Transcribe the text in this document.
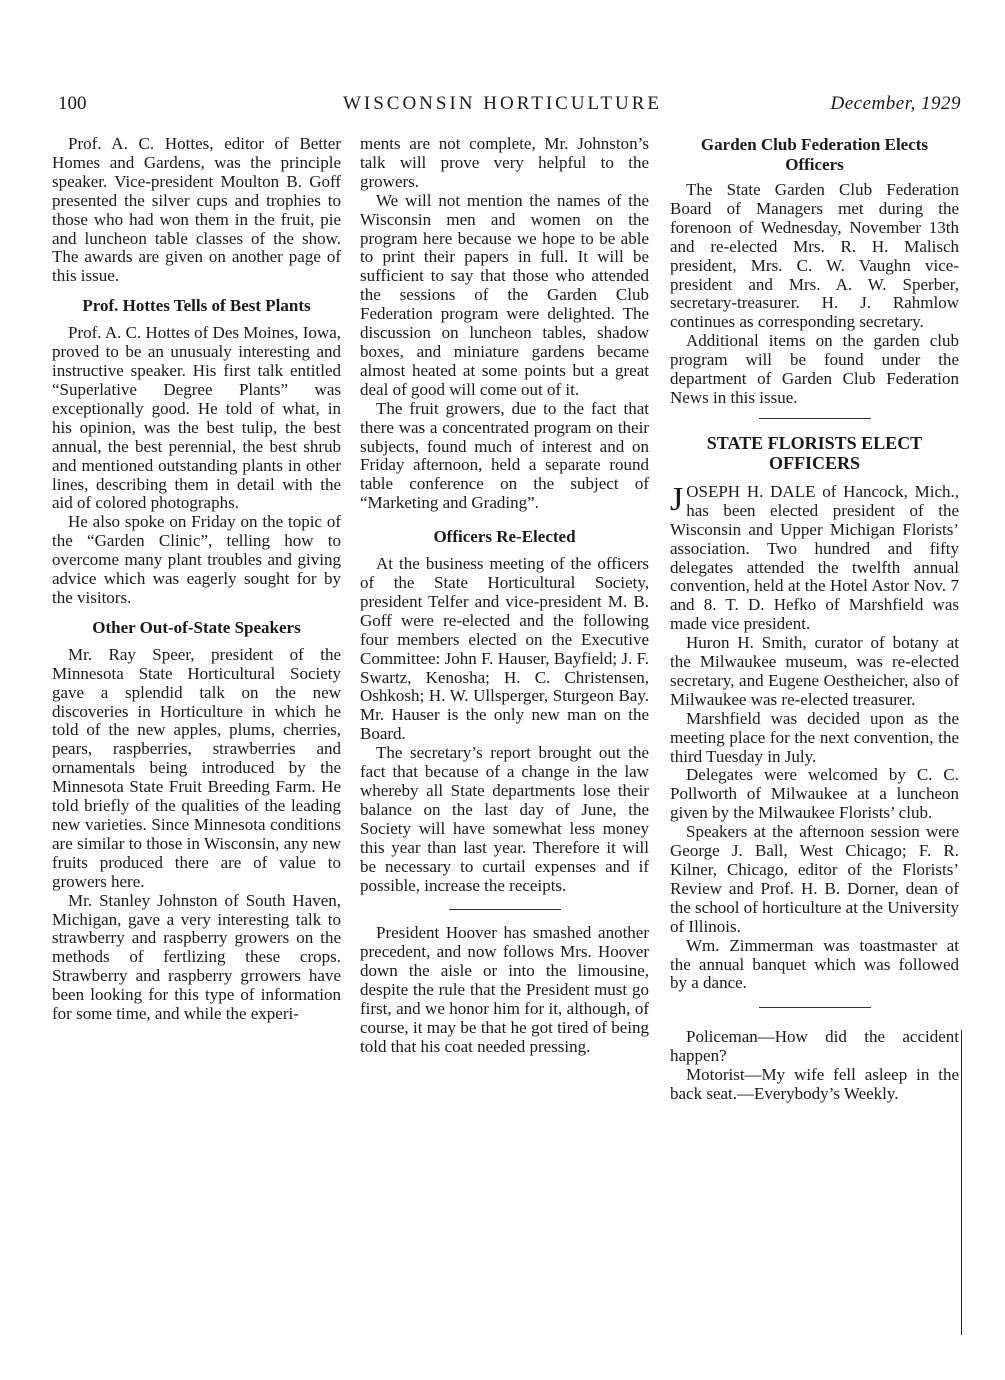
100	WISCONSIN HORTICULTURE	December, 1929

Prof. A. C. Hottes, editor of Better Homes and Gardens, was the principle speaker. Vice-president Moulton B. Goff presented the silver cups and trophies to those who had won them in the fruit, pie and luncheon table classes of the show. The awards are given on another page of this issue.

Prof. Hottes Tells of Best Plants

Prof. A. C. Hottes of Des Moines, Iowa, proved to be an unusualy interesting and instructive speaker. His first talk entitled “Superlative Degree Plants” was exceptionally good. He told of what, in his opinion, was the best tulip, the best annual, the best perennial, the best shrub and mentioned outstanding plants in other lines, describing them in detail with the aid of colored photographs.

He also spoke on Friday on the topic of the “Garden Clinic”, telling how to overcome many plant troubles and giving advice which was eagerly sought for by the visitors.

Other Out-of-State Speakers

Mr. Ray Speer, president of the Minnesota State Horticultural Society gave a splendid talk on the new discoveries in Horticulture in which he told of the new apples, plums, cherries, pears, raspberries, strawberries and ornamentals being introduced by the Minnesota State Fruit Breeding Farm. He told briefly of the qualities of the leading new varieties. Since Minnesota conditions are similar to those in Wisconsin, any new fruits produced there are of value to growers here.

Mr. Stanley Johnston of South Haven, Michigan, gave a very interesting talk to strawberry and raspberry growers on the methods of fertlizing these crops. Strawberry and raspberry grrowers have been looking for this type of information for some time, and while the experi-

ments are not complete, Mr. Johnston’s talk will prove very helpful to the growers.

We will not mention the names of the Wisconsin men and women on the program here because we hope to be able to print their papers in full. It will be sufficient to say that those who attended the sessions of the Garden Club Federation program were delighted. The discussion on luncheon tables, shadow boxes, and miniature gardens became almost heated at some points but a great deal of good will come out of it.

The fruit growers, due to the fact that there was a concentrated program on their subjects, found much of interest and on Friday afternoon, held a separate round table conference on the subject of “Marketing and Grading”.

Officers Re-Elected

At the business meeting of the officers of the State Horticultural Society, president Telfer and vice-president M. B. Goff were re-elected and the following four members elected on the Executive Committee: John F. Hauser, Bayfield; J. F. Swartz, Kenosha; H. C. Christensen, Oshkosh; H. W. Ullsperger, Sturgeon Bay. Mr. Hauser is the only new man on the Board.

The secretary’s report brought out the fact that because of a change in the law whereby all State departments lose their balance on the last day of June, the Society will have somewhat less money this year than last year. Therefore it will be necessary to curtail expenses and if possible, increase the receipts.

President Hoover has smashed another precedent, and now follows Mrs. Hoover down the aisle or into the limousine, despite the rule that the President must go first, and we honor him for it, although, of course, it may be that he got tired of being told that his coat needed pressing.

Garden Club Federation Elects Officers

The State Garden Club Federation Board of Managers met during the forenoon of Wednesday, November 13th and re-elected Mrs. R. H. Malisch president, Mrs. C. W. Vaughn vice-president and Mrs. A. W. Sperber, secretary-treasurer. H. J. Rahmlow continues as corresponding secretary.

Additional items on the garden club program will be found under the department of Garden Club Federation News in this issue.

STATE FLORISTS ELECT OFFICERS

JOSEPH H. DALE of Hancock, Mich., has been elected president of the Wisconsin and Upper Michigan Florists’ association. Two hundred and fifty delegates attended the twelfth annual convention, held at the Hotel Astor Nov. 7 and 8. T. D. Hefko of Marshfield was made vice president.

Huron H. Smith, curator of botany at the Milwaukee museum, was re-elected secretary, and Eugene Oestheicher, also of Milwaukee was re-elected treasurer.

Marshfield was decided upon as the meeting place for the next convention, the third Tuesday in July.

Delegates were welcomed by C. C. Pollworth of Milwaukee at a luncheon given by the Milwaukee Florists’ club.

Speakers at the afternoon session were George J. Ball, West Chicago; F. R. Kilner, Chicago, editor of the Florists’ Review and Prof. H. B. Dorner, dean of the school of horticulture at the University of Illinois.

Wm. Zimmerman was toastmaster at the annual banquet which was followed by a dance.

Policeman—How did the accident happen?

Motorist—My wife fell asleep in the back seat.—Everybody’s Weekly.
